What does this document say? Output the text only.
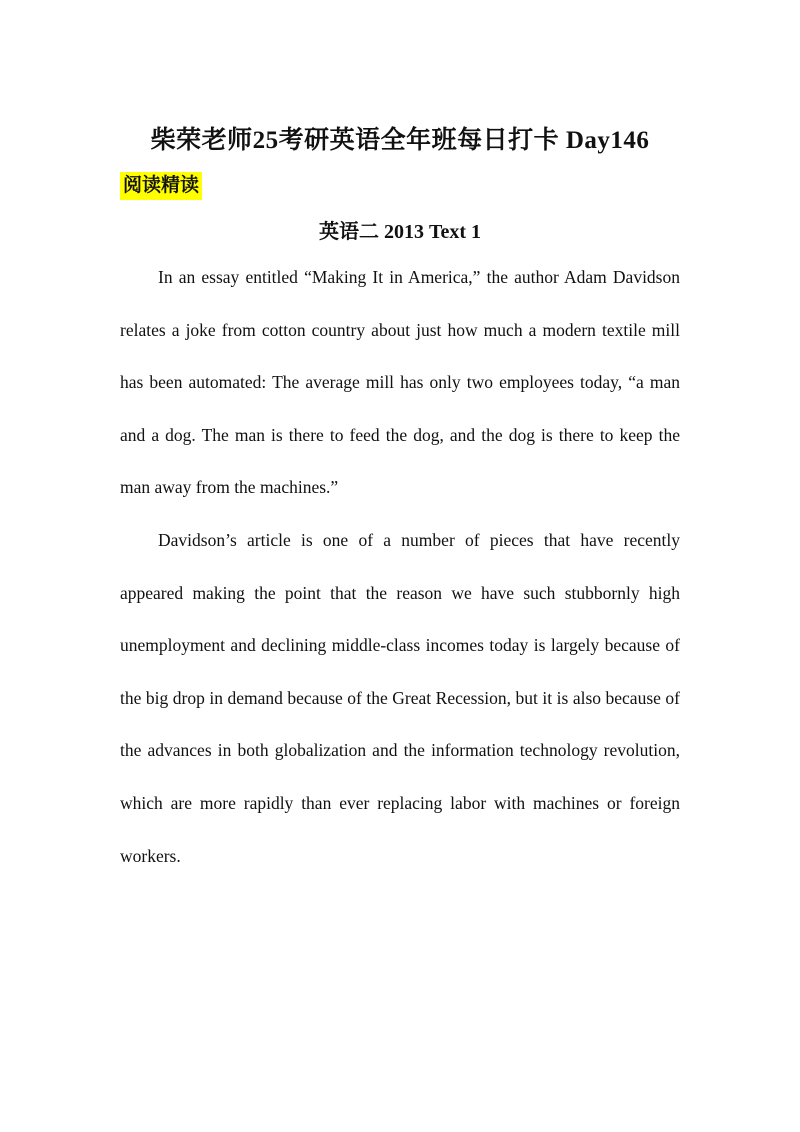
柴荣老师25考研英语全年班每日打卡 Day146
阅读精读
英语二 2013 Text 1

In an essay entitled “Making It in America,” the author Adam Davidson relates a joke from cotton country about just how much a modern textile mill has been automated: The average mill has only two employees today, “a man and a dog. The man is there to feed the dog, and the dog is there to keep the man away from the machines.”

Davidson’s article is one of a number of pieces that have recently appeared making the point that the reason we have such stubbornly high unemployment and declining middle-class incomes today is largely because of the big drop in demand because of the Great Recession, but it is also because of the advances in both globalization and the information technology revolution, which are more rapidly than ever replacing labor with machines or foreign workers.
